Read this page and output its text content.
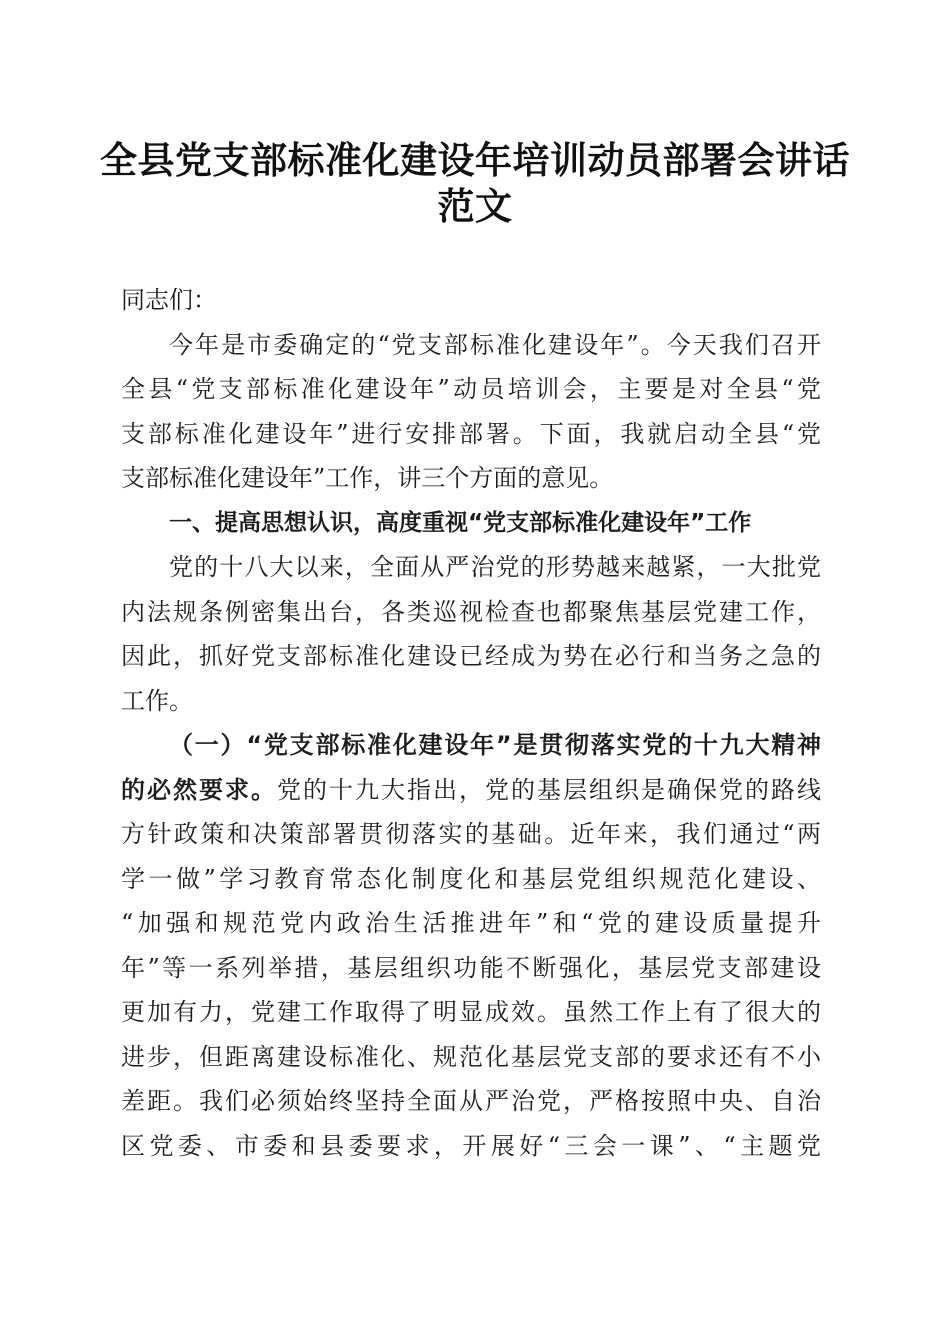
全县党支部标准化建设年培训动员部署会讲话
范文
同志们：
今年是市委确定的“党支部标准化建设年”。今天我们召开
全县“党支部标准化建设年”动员培训会，主要是对全县“党
支部标准化建设年”进行安排部署。下面，我就启动全县“党
支部标准化建设年”工作，讲三个方面的意见。
一、提高思想认识，高度重视“党支部标准化建设年”工作
党的十八大以来，全面从严治党的形势越来越紧，一大批党
内法规条例密集出台，各类巡视检查也都聚焦基层党建工作，
因此，抓好党支部标准化建设已经成为势在必行和当务之急的
工作。
（一）“党支部标准化建设年”是贯彻落实党的十九大精神
的必然要求。党的十九大指出，党的基层组织是确保党的路线
方针政策和决策部署贯彻落实的基础。近年来，我们通过“两
学一做”学习教育常态化制度化和基层党组织规范化建设、
“加强和规范党内政治生活推进年”和“党的建设质量提升
年”等一系列举措，基层组织功能不断强化，基层党支部建设
更加有力，党建工作取得了明显成效。虽然工作上有了很大的
进步，但距离建设标准化、规范化基层党支部的要求还有不小
差距。我们必须始终坚持全面从严治党，严格按照中央、自治
区党委、市委和县委要求，开展好“三会一课”、“主题党
